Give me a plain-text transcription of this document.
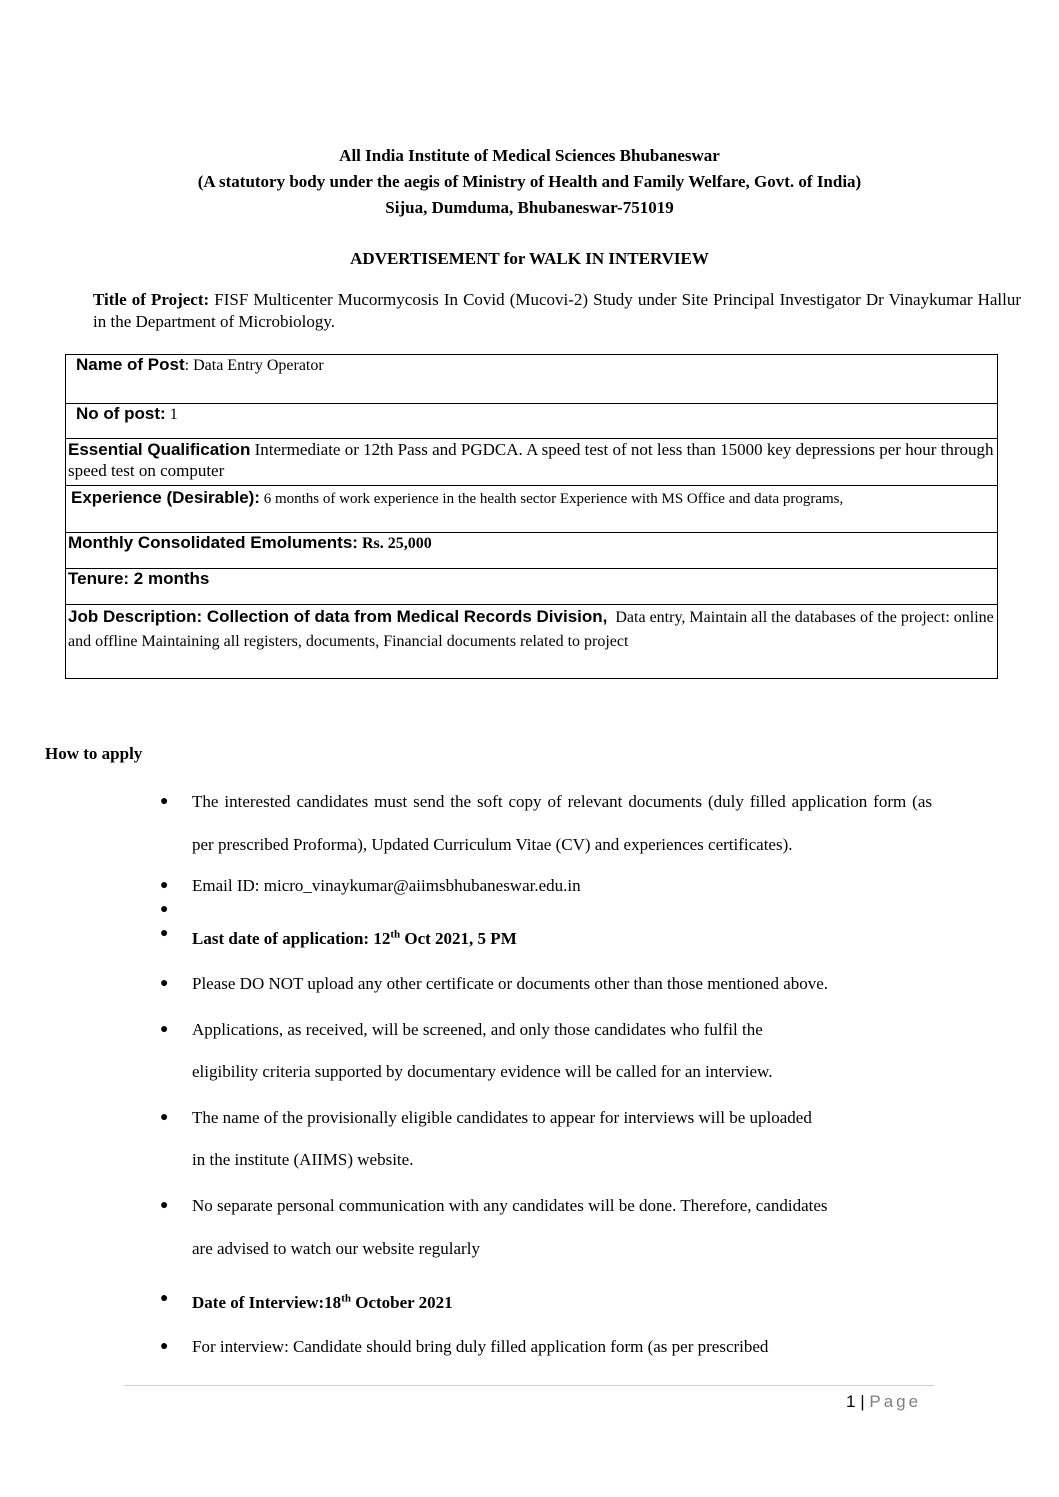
All India Institute of Medical Sciences Bhubaneswar
(A statutory body under the aegis of Ministry of Health and Family Welfare, Govt. of India)
Sijua, Dumduma, Bhubaneswar-751019
ADVERTISEMENT for WALK IN INTERVIEW
Title of Project: FISF Multicenter Mucormycosis In Covid (Mucovi-2) Study under Site Principal Investigator Dr Vinaykumar Hallur in the Department of Microbiology.
Name of Post: Data Entry Operator
No of post: 1
Essential Qualification Intermediate or 12th Pass and PGDCA. A speed test of not less than 15000 key depressions per hour through speed test on computer
Experience (Desirable): 6 months of work experience in the health sector Experience with MS Office and data programs,
Monthly Consolidated Emoluments: Rs. 25,000
Tenure: 2 months
Job Description: Collection of data from Medical Records Division, Data entry, Maintain all the databases of the project: online and offline Maintaining all registers, documents, Financial documents related to project
How to apply
● The interested candidates must send the soft copy of relevant documents (duly filled application form (as per prescribed Proforma), Updated Curriculum Vitae (CV) and experiences certificates).
● Email ID: micro_vinaykumar@aiimsbhubaneswar.edu.in
●
● Last date of application: 12th Oct 2021, 5 PM
● Please DO NOT upload any other certificate or documents other than those mentioned above.
● Applications, as received, will be screened, and only those candidates who fulfil the
eligibility criteria supported by documentary evidence will be called for an interview.
● The name of the provisionally eligible candidates to appear for interviews will be uploaded
in the institute (AIIMS) website.
● No separate personal communication with any candidates will be done. Therefore, candidates
are advised to watch our website regularly
● Date of Interview:18th October 2021
● For interview: Candidate should bring duly filled application form (as per prescribed
1 | Page
